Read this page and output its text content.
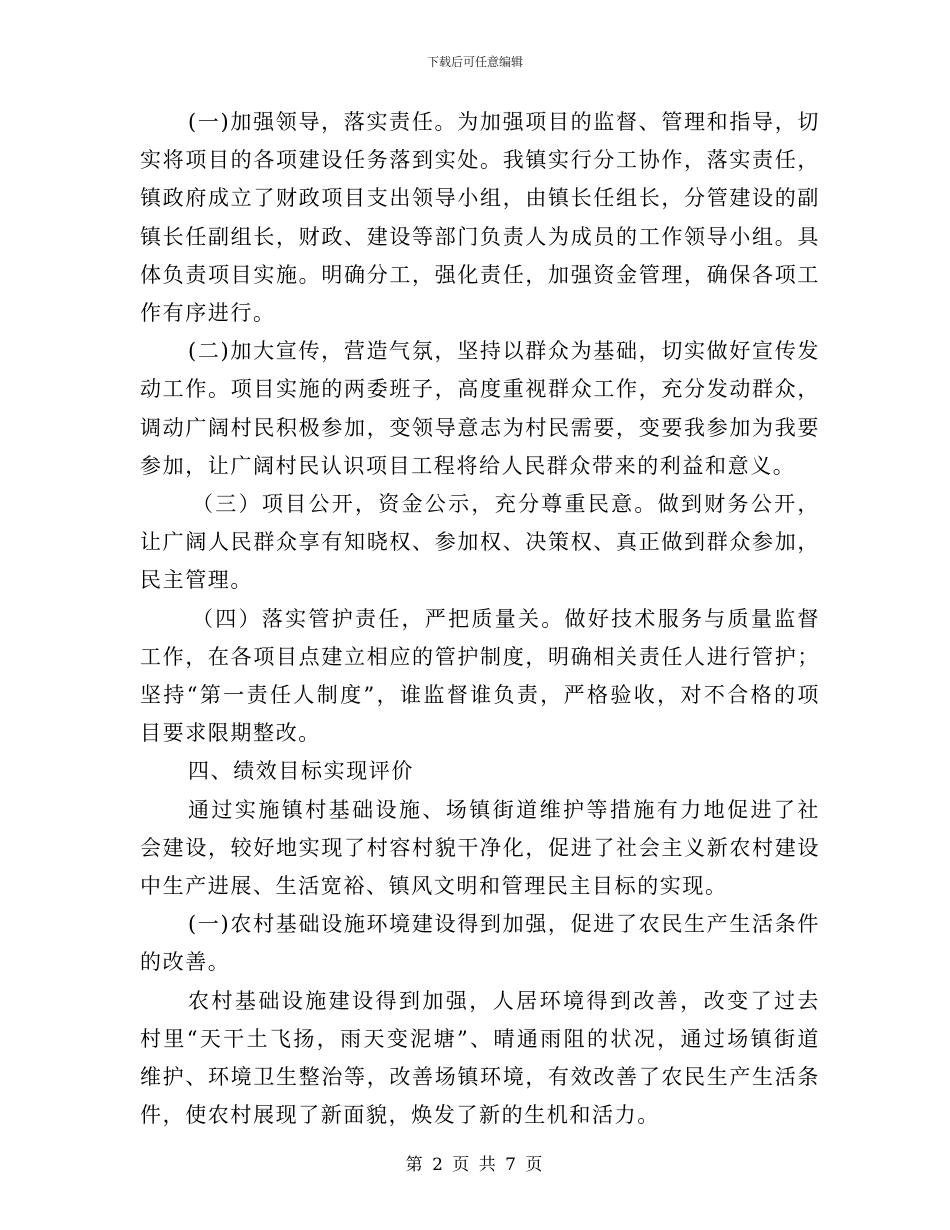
下载后可任意编辑

(一)加强领导，落实责任。为加强项目的监督、管理和指导，切实将项目的各项建设任务落到实处。我镇实行分工协作，落实责任，镇政府成立了财政项目支出领导小组，由镇长任组长，分管建设的副镇长任副组长，财政、建设等部门负责人为成员的工作领导小组。具体负责项目实施。明确分工，强化责任，加强资金管理，确保各项工作有序进行。

(二)加大宣传，营造气氛，坚持以群众为基础，切实做好宣传发动工作。项目实施的两委班子，高度重视群众工作，充分发动群众，调动广阔村民积极参加，变领导意志为村民需要，变要我参加为我要参加，让广阔村民认识项目工程将给人民群众带来的利益和意义。

（三）项目公开，资金公示，充分尊重民意。做到财务公开，让广阔人民群众享有知晓权、参加权、决策权、真正做到群众参加，民主管理。

（四）落实管护责任，严把质量关。做好技术服务与质量监督工作，在各项目点建立相应的管护制度，明确相关责任人进行管护；坚持“第一责任人制度”，谁监督谁负责，严格验收，对不合格的项目要求限期整改。

四、绩效目标实现评价

通过实施镇村基础设施、场镇街道维护等措施有力地促进了社会建设，较好地实现了村容村貌干净化，促进了社会主义新农村建设中生产进展、生活宽裕、镇风文明和管理民主目标的实现。

(一)农村基础设施环境建设得到加强，促进了农民生产生活条件的改善。

农村基础设施建设得到加强，人居环境得到改善，改变了过去村里“天干土飞扬，雨天变泥塘”、晴通雨阻的状况，通过场镇街道维护、环境卫生整治等，改善场镇环境，有效改善了农民生产生活条件，使农村展现了新面貌，焕发了新的生机和活力。

第 2 页 共 7 页
